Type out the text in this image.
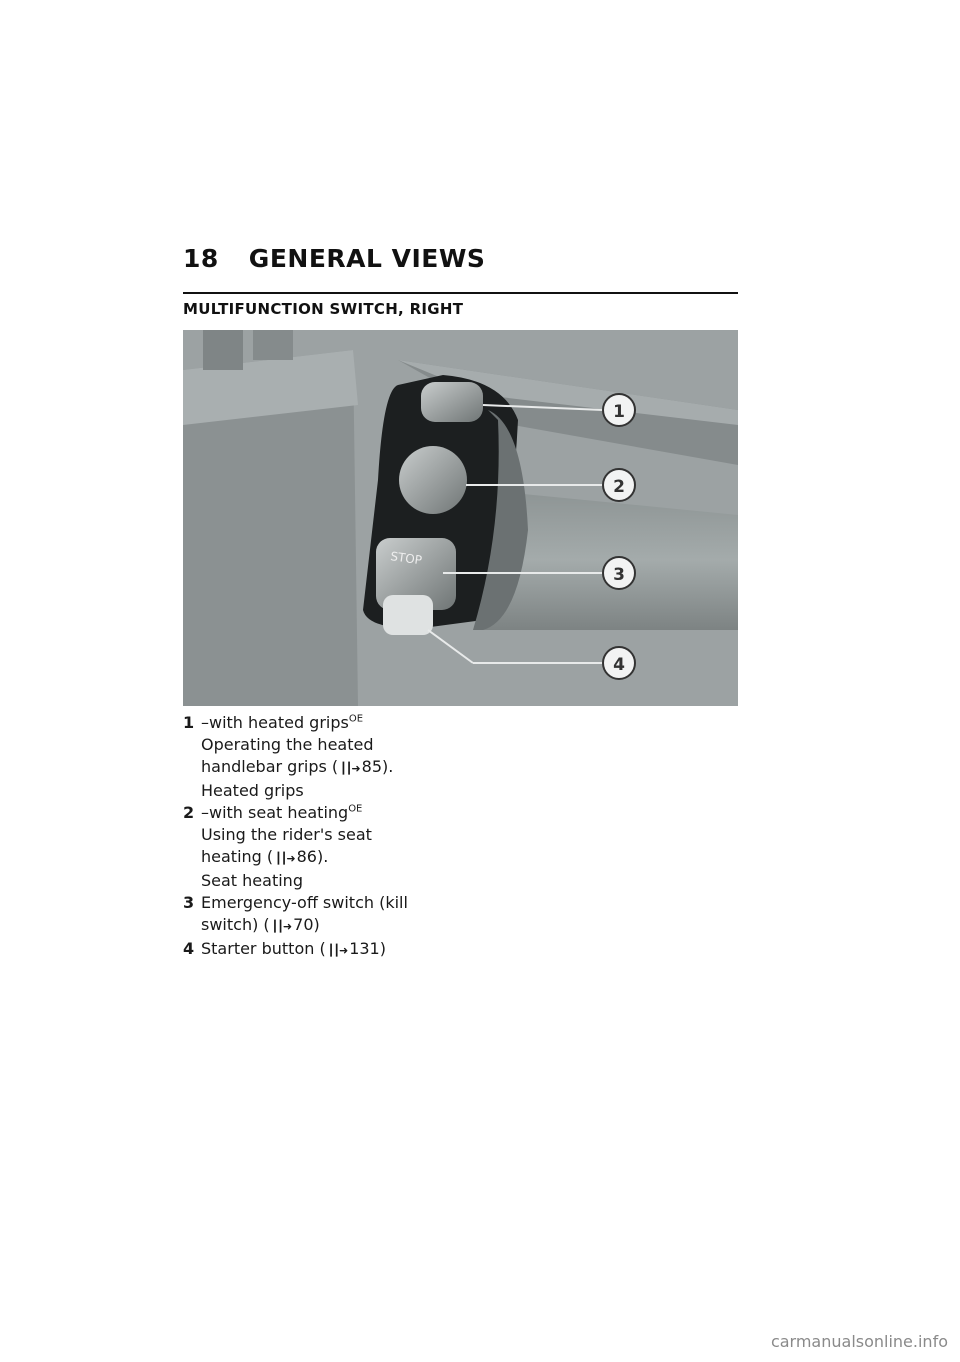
18 GENERAL VIEWS
MULTIFUNCTION SWITCH, RIGHT
STOP
1
2
3
4
1 –with heated grips$^{OE}$
Operating the heated
handlebar grips ( ┃┃➜ 85).
Heated grips
2 –with seat heating$^{OE}$
Using the rider's seat
heating ( ┃┃➜ 86).
Seat heating
3 Emergency-off switch (kill
switch) ( ┃┃➜ 70)
4 Starter button ( ┃┃➜ 131)
carmanualsonline.info
